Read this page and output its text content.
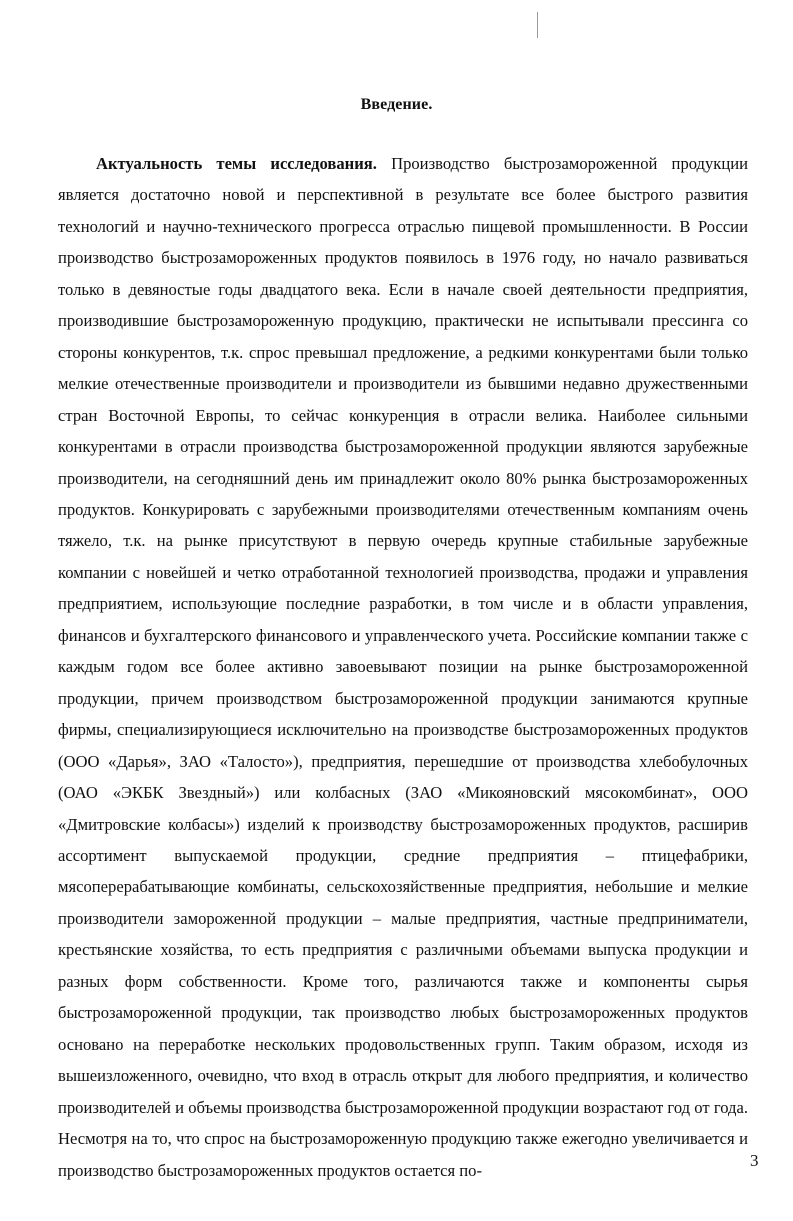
Введение.

Актуальность темы исследования. Производство быстрозамороженной продукции является достаточно новой и перспективной в результате все более быстрого развития технологий и научно-технического прогресса отраслью пищевой промышленности. В России производство быстрозамороженных продуктов появилось в 1976 году, но начало развиваться только в девяностые годы двадцатого века. Если в начале своей деятельности предприятия, производившие быстрозамороженную продукцию, практически не испытывали прессинга со стороны конкурентов, т.к. спрос превышал предложение, а редкими конкурентами были только мелкие отечественные производители и производители из бывшими недавно дружественными стран Восточной Европы, то сейчас конкуренция в отрасли велика. Наиболее сильными конкурентами в отрасли производства быстрозамороженной продукции являются зарубежные производители, на сегодняшний день им принадлежит около 80% рынка быстрозамороженных продуктов. Конкурировать с зарубежными производителями отечественным компаниям очень тяжело, т.к. на рынке присутствуют в первую очередь крупные стабильные зарубежные компании с новейшей и четко отработанной технологией производства, продажи и управления предприятием, использующие последние разработки, в том числе и в области управления, финансов и бухгалтерского финансового и управленческого учета. Российские компании также с каждым годом все более активно завоевывают позиции на рынке быстрозамороженной продукции, причем производством быстрозамороженной продукции занимаются крупные фирмы, специализирующиеся исключительно на производстве быстрозамороженных продуктов (ООО «Дарья», ЗАО «Талосто»), предприятия, перешедшие от производства хлебобулочных (ОАО «ЭКБК Звездный») или колбасных (ЗАО «Микояновский мясокомбинат», ООО «Дмитровские колбасы») изделий к производству быстрозамороженных продуктов, расширив ассортимент выпускаемой продукции, средние предприятия – птицефабрики, мясоперерабатывающие комбинаты, сельскохозяйственные предприятия, небольшие и мелкие производители замороженной продукции – малые предприятия, частные предприниматели, крестьянские хозяйства, то есть предприятия с различными объемами выпуска продукции и разных форм собственности. Кроме того, различаются также и компоненты сырья быстрозамороженной продукции, так производство любых быстрозамороженных продуктов основано на переработке нескольких продовольственных групп. Таким образом, исходя из вышеизложенного, очевидно, что вход в отрасль открыт для любого предприятия, и количество производителей и объемы производства быстрозамороженной продукции возрастают год от года. Несмотря на то, что спрос на быстрозамороженную продукцию также ежегодно увеличивается и производство быстрозамороженных продуктов остается по-	3
